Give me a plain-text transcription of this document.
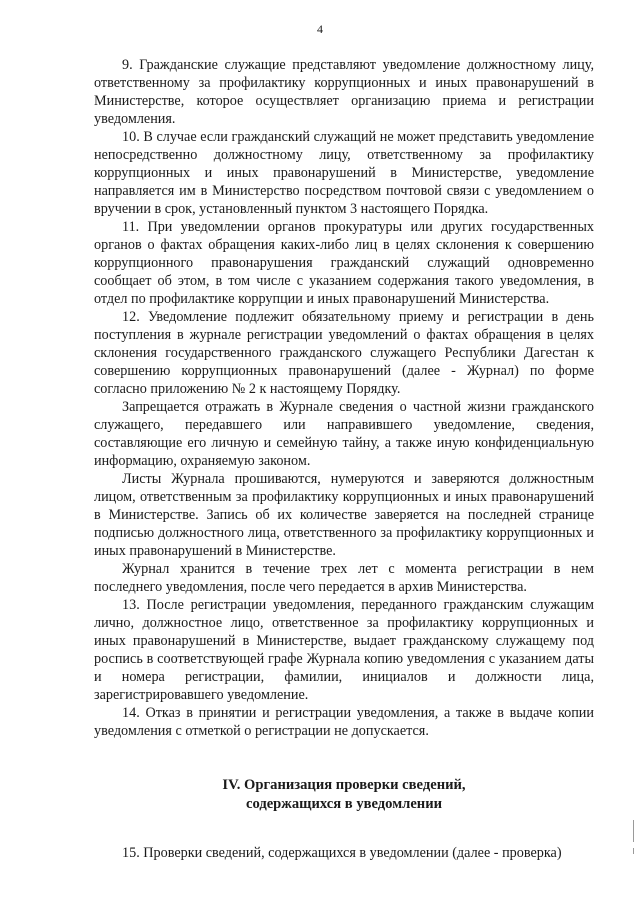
4

9. Гражданские служащие представляют уведомление должностному лицу, ответственному за профилактику коррупционных и иных правонарушений в Министерстве, которое осуществляет организацию приема и регистрации уведомления.

10. В случае если гражданский служащий не может представить уведомление непосредственно должностному лицу, ответственному за профилактику коррупционных и иных правонарушений в Министерстве, уведомление направляется им в Министерство посредством почтовой связи с уведомлением о вручении в срок, установленный пунктом 3 настоящего Порядка.

11. При уведомлении органов прокуратуры или других государственных органов о фактах обращения каких-либо лиц в целях склонения к совершению коррупционного правонарушения гражданский служащий одновременно сообщает об этом, в том числе с указанием содержания такого уведомления, в отдел по профилактике коррупции и иных правонарушений Министерства.

12. Уведомление подлежит обязательному приему и регистрации в день поступления в журнале регистрации уведомлений о фактах обращения в целях склонения государственного гражданского служащего Республики Дагестан к совершению коррупционных правонарушений (далее - Журнал) по форме согласно приложению № 2 к настоящему Порядку.

Запрещается отражать в Журнале сведения о частной жизни гражданского служащего, передавшего или направившего уведомление, сведения, составляющие его личную и семейную тайну, а также иную конфиденциальную информацию, охраняемую законом.

Листы Журнала прошиваются, нумеруются и заверяются должностным лицом, ответственным за профилактику коррупционных и иных правонарушений в Министерстве. Запись об их количестве заверяется на последней странице подписью должностного лица, ответственного за профилактику коррупционных и иных правонарушений в Министерстве.

Журнал хранится в течение трех лет с момента регистрации в нем последнего уведомления, после чего передается в архив Министерства.

13. После регистрации уведомления, переданного гражданским служащим лично, должностное лицо, ответственное за профилактику коррупционных и иных правонарушений в Министерстве, выдает гражданскому служащему под роспись в соответствующей графе Журнала копию уведомления с указанием даты и номера регистрации, фамилии, инициалов и должности лица, зарегистрировавшего уведомление.

14. Отказ в принятии и регистрации уведомления, а также в выдаче копии уведомления с отметкой о регистрации не допускается.

IV. Организация проверки сведений,
содержащихся в уведомлении

15. Проверки сведений, содержащихся в уведомлении (далее - проверка)
